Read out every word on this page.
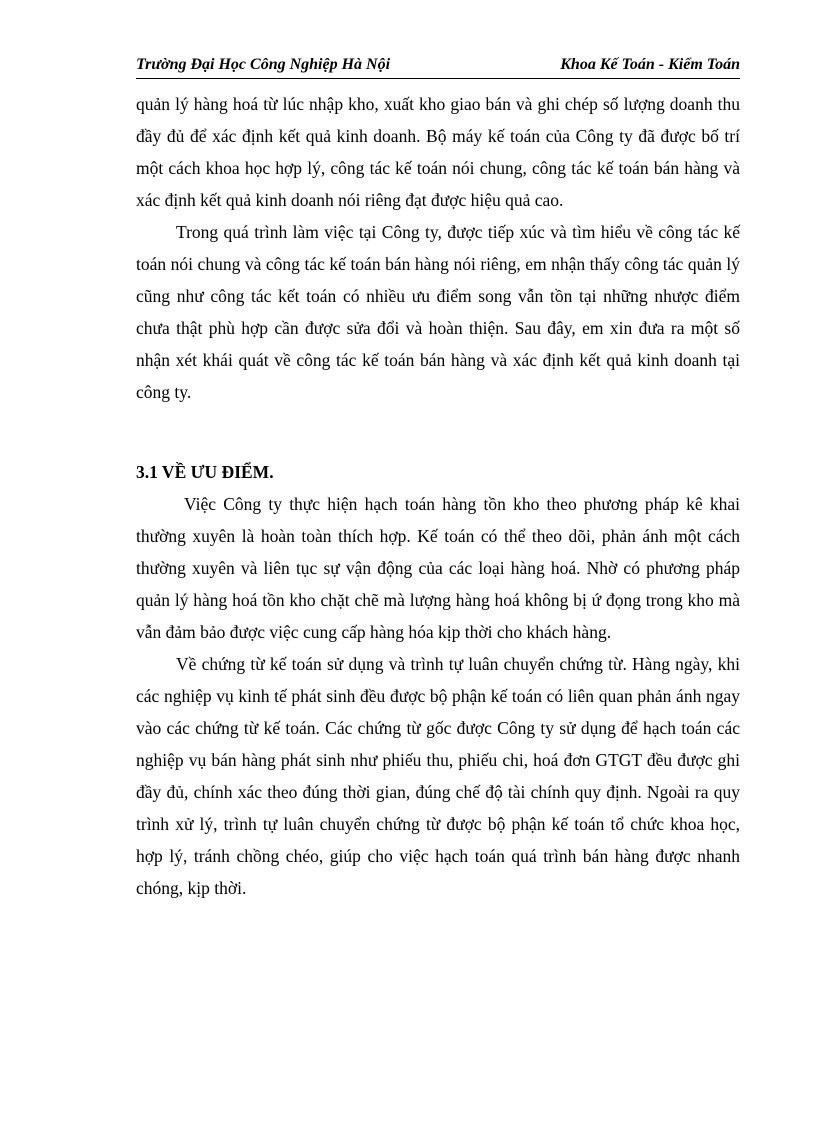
Trường Đại Học Công Nghiệp Hà Nội	Khoa Kế Toán - Kiểm Toán

quản lý hàng hoá từ lúc nhập kho, xuất kho giao bán và ghi chép số lượng doanh thu đầy đủ để xác định kết quả kinh doanh. Bộ máy kế toán của Công ty đã được bố trí một cách khoa học hợp lý, công tác kế toán nói chung, công tác kế toán bán hàng và xác định kết quả kinh doanh nói riêng đạt được hiệu quả cao.

Trong quá trình làm việc tại Công ty, được tiếp xúc và tìm hiểu về công tác kế toán nói chung và công tác kế toán bán hàng nói riêng, em nhận thấy công tác quản lý cũng như công tác kết toán có nhiều ưu điểm song vẫn tồn tại những nhược điểm chưa thật phù hợp cần được sửa đổi và hoàn thiện. Sau đây, em xin đưa ra một số nhận xét khái quát về công tác kế toán bán hàng và xác định kết quả kinh doanh tại công ty.

3.1 VỀ ƯU ĐIỂM.

Việc Công ty thực hiện hạch toán hàng tồn kho theo phương pháp kê khai thường xuyên là hoàn toàn thích hợp. Kế toán có thể theo dõi, phản ánh một cách thường xuyên và liên tục sự vận động của các loại hàng hoá. Nhờ có phương pháp quản lý hàng hoá tồn kho chặt chẽ mà lượng hàng hoá không bị ứ đọng trong kho mà vẫn đảm bảo được việc cung cấp hàng hóa kịp thời cho khách hàng.

Về chứng từ kế toán sử dụng và trình tự luân chuyển chứng từ. Hàng ngày, khi các nghiệp vụ kinh tế phát sinh đều được bộ phận kế toán có liên quan phản ánh ngay vào các chứng từ kế toán. Các chứng từ gốc được Công ty sử dụng để hạch toán các nghiệp vụ bán hàng phát sinh như phiếu thu, phiếu chi, hoá đơn GTGT đều được ghi đầy đủ, chính xác theo đúng thời gian, đúng chế độ tài chính quy định. Ngoài ra quy trình xử lý, trình tự luân chuyển chứng từ được bộ phận kế toán tổ chức khoa học, hợp lý, tránh chồng chéo, giúp cho việc hạch toán quá trình bán hàng được nhanh chóng, kịp thời.
